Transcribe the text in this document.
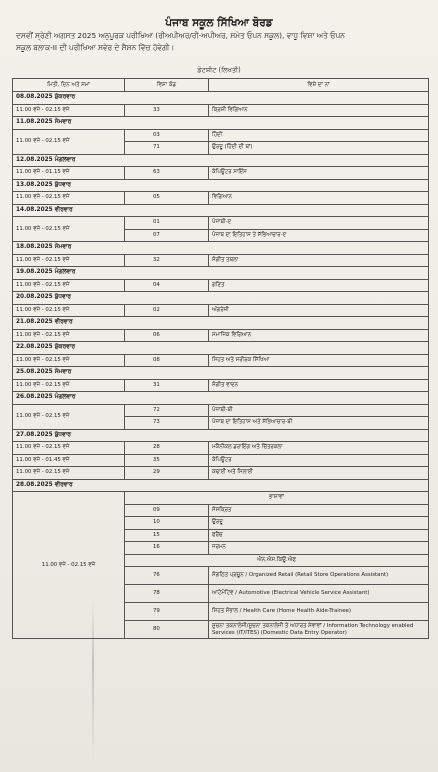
ਪੰਜਾਬ ਸਕੂਲ ਸਿੱਖਿਆ ਬੋਰਡ
ਦਸਵੀਂ ਸ੍ਰੇਣੀ ਅਗਸਤ 2025 ਅਨੁਪੂਰਕ ਪਰੀਖਿਆ (ਰੀਅਪੀਅਰ/ਰੀ-ਅਪੀਅਰ, ਸਮੇਤ ਓਪਨ ਸਕੂਲ), ਵਾਧੂ ਵਿਸ਼ਾ ਅਤੇ ਓਪਨ
ਸਕੂਲ ਬਲਾਕ-II ਦੀ ਪਰੀਖਿਆ ਸਵੇਰ ਦੇ ਸੈਸ਼ਨ ਵਿੱਚ ਹੋਵੇਗੀ।
ਡੇਟਸ਼ੀਟ (ਲਿਖਤੀ)
ਮਿਤੀ, ਦਿਨ ਅਤੇ ਸਮਾਂ	ਵਿਸ਼ਾ ਕੋਡ	ਵਿਸ਼ੇ ਦਾ ਨਾਂ
08.08.2025 ਸ਼ੁੱਕਰਵਾਰ		
11.00 ਵਜੇ - 02.15 ਵਜੇ	33	ਕ੍ਰਿਸ਼ੀ ਵਿਗਿਆਨ
11.08.2025 ਸੋਮਵਾਰ		
11.00 ਵਜੇ - 02.15 ਵਜੇ	03	ਹਿੰਦੀ
	71	ਉਰਦੂ (ਹਿੰਦੀ ਦੀ ਥਾਂ)
12.08.2025 ਮੰਗਲਵਾਰ		
11.00 ਵਜੇ - 01.15 ਵਜੇ	63	ਕੰਪਿਊਟਰ ਸਾਇੰਸ
13.08.2025 ਬੁੱਧਵਾਰ		
11.00 ਵਜੇ - 02.15 ਵਜੇ	05	ਵਿਗਿਆਨ
14.08.2025 ਵੀਰਵਾਰ		
11.00 ਵਜੇ - 02.15 ਵਜੇ	01	ਪੰਜਾਬੀ-ੲ
	07	ਪੰਜਾਬ ਦਾ ਇਤਿਹਾਸ ਤੇ ਸੱਭਿਆਚਾਰ-ੲ
18.08.2025 ਸੋਮਵਾਰ		
11.00 ਵਜੇ - 02.15 ਵਜੇ	32	ਸੰਗੀਤ ਤਬਲਾ
19.08.2025 ਮੰਗਲਵਾਰ		
11.00 ਵਜੇ - 02.15 ਵਜੇ	04	ਗਣਿਤ
20.08.2025 ਬੁੱਧਵਾਰ		
11.00 ਵਜੇ - 02.15 ਵਜੇ	02	ਅੰਗਰੇਜ਼ੀ
21.08.2025 ਵੀਰਵਾਰ		
11.00 ਵਜੇ - 02.15 ਵਜੇ	06	ਸਮਾਜਿਕ ਵਿਗਿਆਨ
22.08.2025 ਸ਼ੁੱਕਰਵਾਰ		
11.00 ਵਜੇ - 02.15 ਵਜੇ	08	ਸਿਹਤ ਅਤੇ ਸਰੀਰਕ ਸਿੱਖਿਆ
25.08.2025 ਸੋਮਵਾਰ		
11.00 ਵਜੇ - 02.15 ਵਜੇ	31	ਸੰਗੀਤ ਵਾਦਨ
26.08.2025 ਮੰਗਲਵਾਰ		
11.00 ਵਜੇ - 02.15 ਵਜੇ	72	ਪੰਜਾਬੀ-ਬੀ
	73	ਪੰਜਾਬ ਦਾ ਇਤਿਹਾਸ ਅਤੇ ਸੱਭਿਆਚਾਰ-ਬੀ
27.08.2025 ਬੁੱਧਵਾਰ		
11.00 ਵਜੇ - 02.15 ਵਜੇ	28	ਮਕੈਨੀਕਲ ਡਰਾਇੰਗ ਅਤੇ ਚਿੱਤਰਕਲਾ
11.00 ਵਜੇ - 01.45 ਵਜੇ	35	ਕੰਪਿਊਟਰ
11.00 ਵਜੇ - 02.15 ਵਜੇ	29	ਕਢਾਈ ਅਤੇ ਸਿਲਾਈ
28.08.2025 ਵੀਰਵਾਰ		
11.00 ਵਜੇ - 02.15 ਵਜੇ	ਭਾਸ਼ਾਵਾਂ	
	09	ਸੰਸਕ੍ਰਿਤ
	10	ਉਰਦੂ
	15	ਫਰੈਂਚ
	16	ਜਰਮਨ
	ਐਨ.ਐਸ.ਕਿਊ.ਐਫ	
	76	ਸੰਗਠਿਤ ਪ੍ਰਚੂਨ / Organized Retail (Retail Store Operations Assistant)
	78	ਆਟੋਮੋਟਿਵ / Automotive (Electrical Vehicle Service Assistant)
	79	ਸਿਹਤ ਸੰਭਾਲ / Health Care (Home Health Aide-Trainee)
	80	ਸੂਚਨਾ ਤਕਨਾਲੋਜੀ/ਸੂਚਨਾ ਤਕਨਾਲੋਜੀ ਤੇ ਅਧਾਰਤ ਸੇਵਾਵਾਂ / Information Technology enabled Services (IT/ITES) (Domestic Data Entry Operator)
